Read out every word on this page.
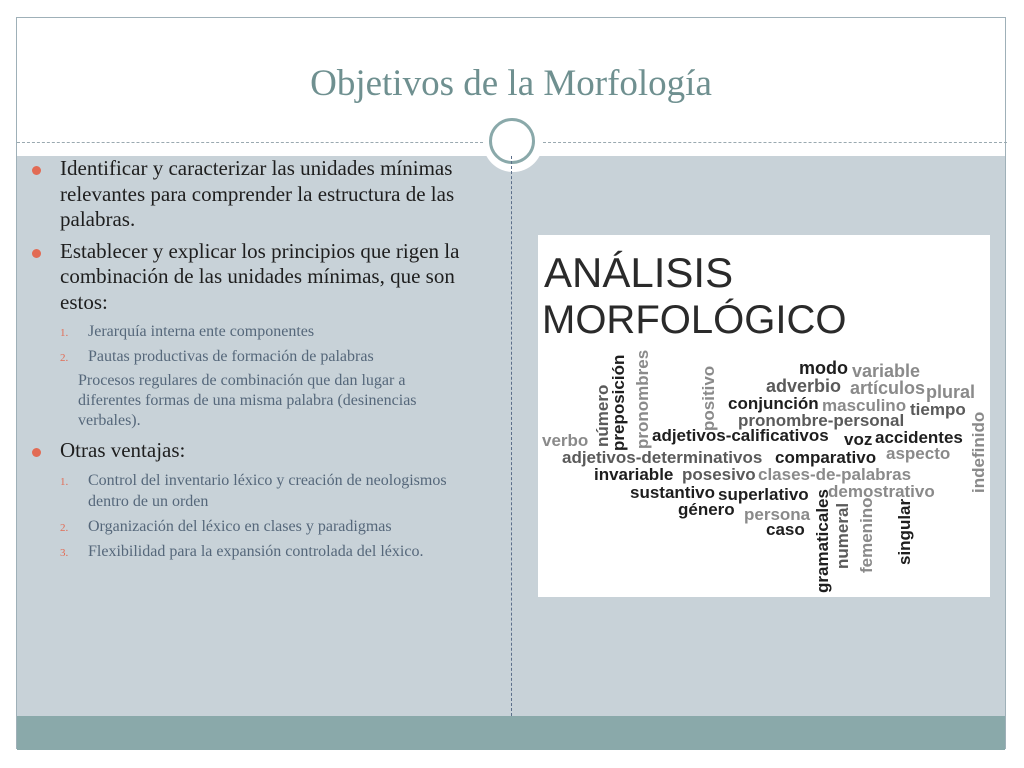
Objetivos de la Morfología
Identificar y caracterizar las unidades mínimas relevantes para comprender la estructura de las palabras.
Establecer y explicar los principios que rigen la combinación de las unidades mínimas, que son estos:
1. Jerarquía interna ente componentes
2. Pautas productivas de formación de palabras
Procesos regulares de combinación que dan lugar a diferentes formas de una misma palabra (desinencias verbales).
Otras ventajas:
1. Control del inventario léxico y creación de neologismos dentro de un orden
2. Organización del léxico en clases y paradigmas
3. Flexibilidad para la expansión controlada del léxico.
ANÁLISIS
MORFOLÓGICO
modo variable
adverbio artículos plural
conjunción masculino tiempo
pronombre-personal
verbo	adjetivos-calificativos voz accidentes
adjetivos-determinativos comparativo aspecto
invariable posesivo clases-de-palabras
sustantivo superlativo demostrativo
género persona
caso
número
preposición pronombres	positivo
indefinido
gramaticales numeral femenino singular
